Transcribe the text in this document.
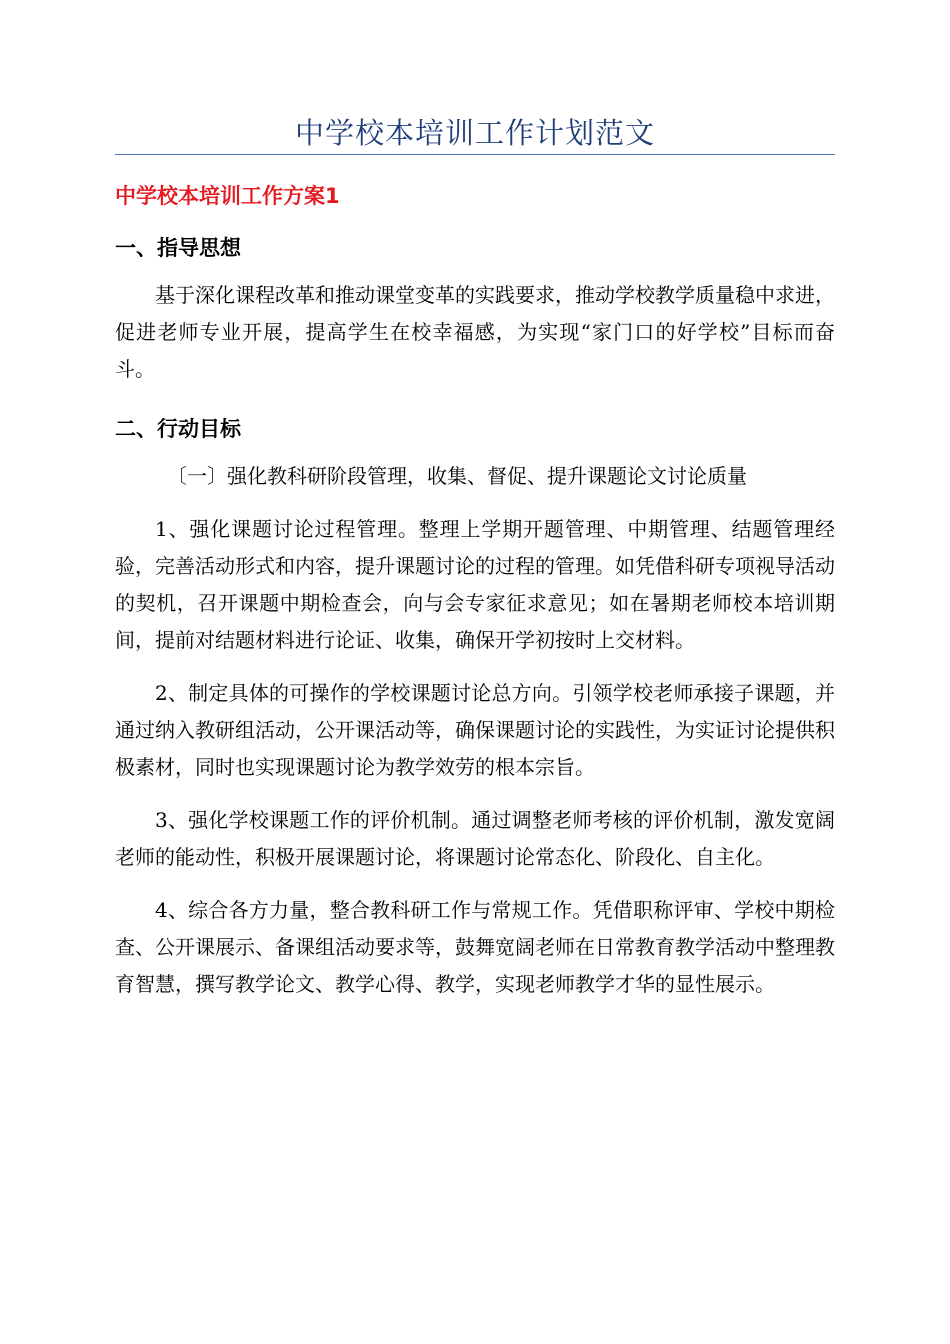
中学校本培训工作计划范文
中学校本培训工作方案1
一、指导思想

基于深化课程改革和推动课堂变革的实践要求，推动学校教学质量稳中求进，促进老师专业开展，提高学生在校幸福感，为实现“家门口的好学校”目标而奋斗。

二、行动目标
〔一〕强化教科研阶段管理，收集、督促、提升课题论文讨论质量

1、强化课题讨论过程管理。整理上学期开题管理、中期管理、结题管理经验，完善活动形式和内容，提升课题讨论的过程的管理。如凭借科研专项视导活动的契机，召开课题中期检查会，向与会专家征求意见；如在暑期老师校本培训期间，提前对结题材料进行论证、收集，确保开学初按时上交材料。

2、制定具体的可操作的学校课题讨论总方向。引领学校老师承接子课题，并通过纳入教研组活动，公开课活动等，确保课题讨论的实践性，为实证讨论提供积极素材，同时也实现课题讨论为教学效劳的根本宗旨。

3、强化学校课题工作的评价机制。通过调整老师考核的评价机制，激发宽阔老师的能动性，积极开展课题讨论，将课题讨论常态化、阶段化、自主化。

4、综合各方力量，整合教科研工作与常规工作。凭借职称评审、学校中期检查、公开课展示、备课组活动要求等，鼓舞宽阔老师在日常教育教学活动中整理教育智慧，撰写教学论文、教学心得、教学，实现老师教学才华的显性展示。
